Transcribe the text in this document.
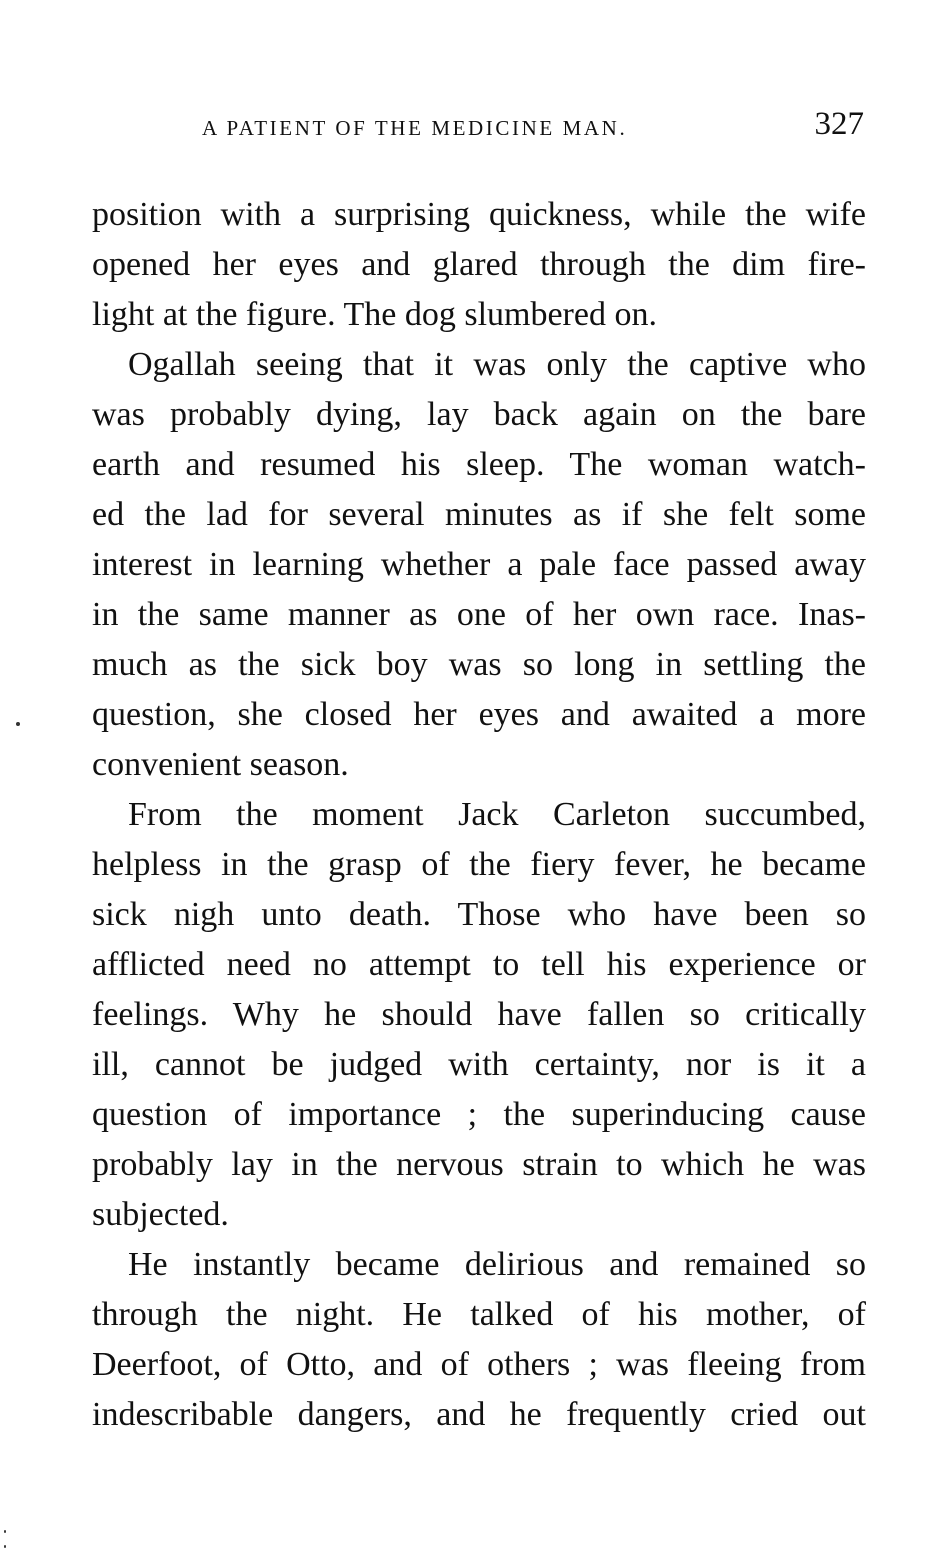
A PATIENT OF THE MEDICINE MAN.	327
position with a surprising quickness, while the wife
opened her eyes and glared through the dim fire-
light at the figure. The dog slumbered on.
Ogallah seeing that it was only the captive who
was probably dying, lay back again on the bare
earth and resumed his sleep. The woman watch-
ed the lad for several minutes as if she felt some
interest in learning whether a pale face passed away
in the same manner as one of her own race. Inas-
much as the sick boy was so long in settling the
question, she closed her eyes and awaited a more
convenient season.
From the moment Jack Carleton succumbed,
helpless in the grasp of the fiery fever, he became
sick nigh unto death. Those who have been so
afflicted need no attempt to tell his experience or
feelings. Why he should have fallen so critically
ill, cannot be judged with certainty, nor is it a
question of importance ; the superinducing cause
probably lay in the nervous strain to which he was
subjected.
He instantly became delirious and remained so
through the night. He talked of his mother, of
Deerfoot, of Otto, and of others ; was fleeing from
indescribable dangers, and he frequently cried out
